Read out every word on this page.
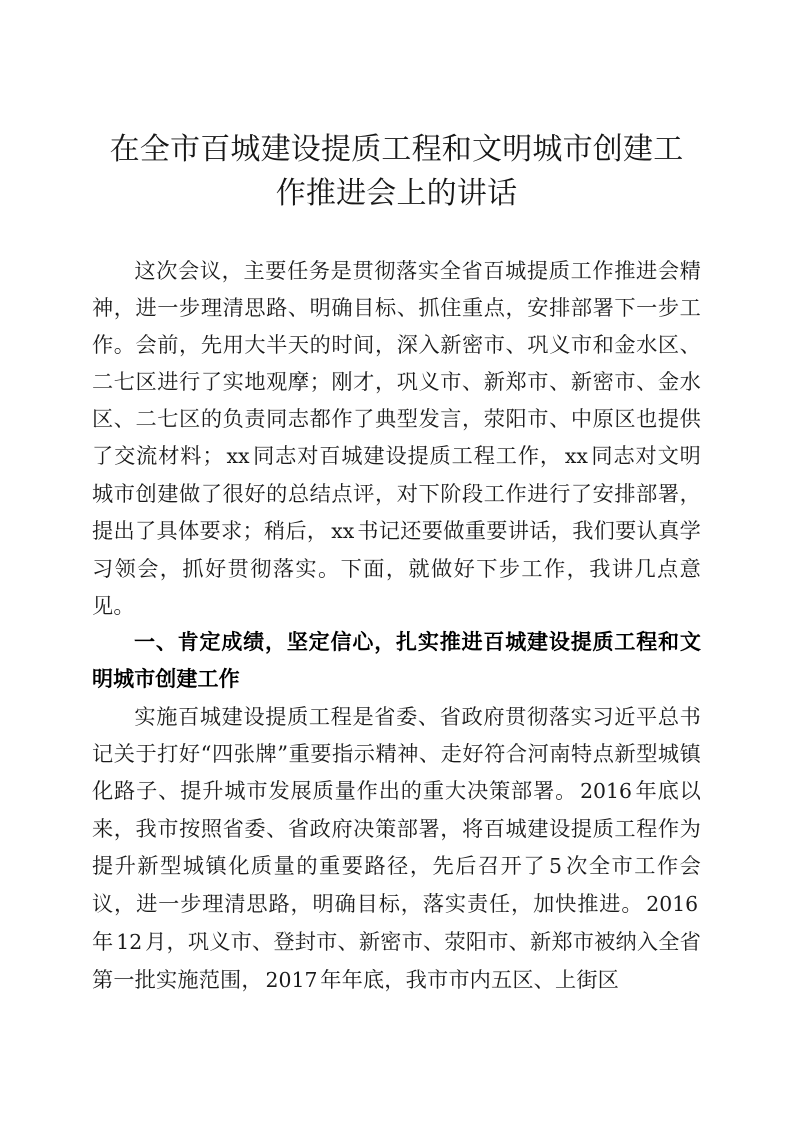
在全市百城建设提质工程和文明城市创建工作推进会上的讲话

这次会议，主要任务是贯彻落实全省百城提质工作推进会精神，进一步理清思路、明确目标、抓住重点，安排部署下一步工作。会前，先用大半天的时间，深入新密市、巩义市和金水区、二七区进行了实地观摩；刚才，巩义市、新郑市、新密市、金水区、二七区的负责同志都作了典型发言，荥阳市、中原区也提供了交流材料； xx 同志对百城建设提质工程工作， xx 同志对文明城市创建做了很好的总结点评，对下阶段工作进行了安排部署，提出了具体要求；稍后， xx 书记还要做重要讲话，我们要认真学习领会，抓好贯彻落实。下面，就做好下步工作，我讲几点意见。

一、肯定成绩，坚定信心，扎实推进百城建设提质工程和文明城市创建工作

实施百城建设提质工程是省委、省政府贯彻落实习近平总书记关于打好“四张牌”重要指示精神、走好符合河南特点新型城镇化路子、提升城市发展质量作出的重大决策部署。 2016 年底以来，我市按照省委、省政府决策部署，将百城建设提质工程作为提升新型城镇化质量的重要路径，先后召开了 5 次全市工作会议，进一步理清思路，明确目标，落实责任，加快推进。 2016年 12 月，巩义市、登封市、新密市、荥阳市、新郑市被纳入全省第一批实施范围， 2017 年年底，我市市内五区、上街区
